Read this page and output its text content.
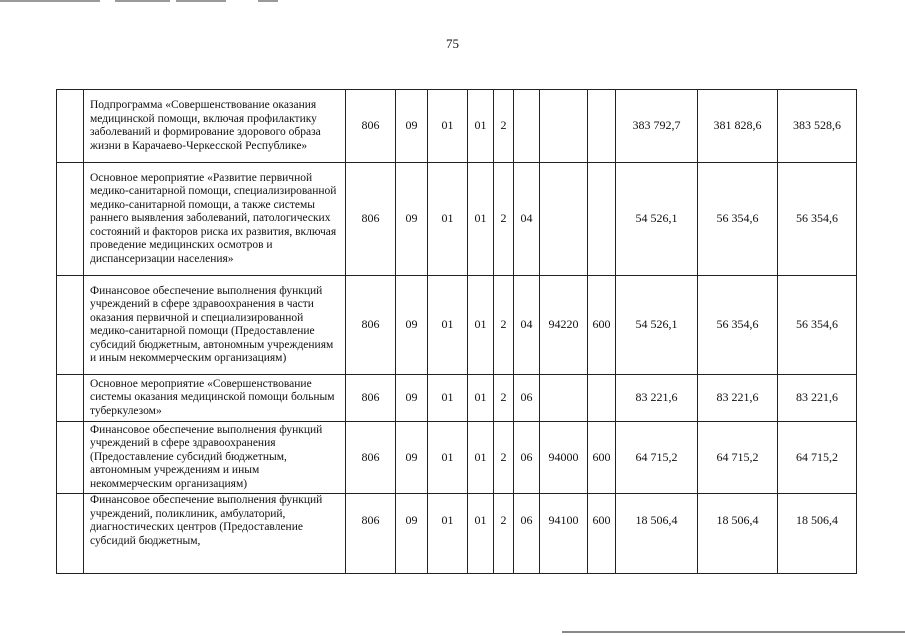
75
	Подпрограмма «Совершенствование оказания медицинской помощи, включая профилактику заболеваний и формирование здорового образа жизни в Карачаево-Черкесской Республике»	806	09	01	01	2				383 792,7	381 828,6	383 528,6
	Основное мероприятие «Развитие первичной медико-санитарной помощи, специализированной медико-санитарной помощи, а также системы раннего выявления заболеваний, патологических состояний и факторов риска их развития, включая проведение медицинских осмотров и диспансеризации населения»	806	09	01	01	2	04			54 526,1	56 354,6	56 354,6
	Финансовое обеспечение выполнения функций учреждений в сфере здравоохранения в части оказания первичной и специализированной медико-санитарной помощи (Предоставление субсидий бюджетным, автономным учреждениям и иным некоммерческим организациям)	806	09	01	01	2	04	94220	600	54 526,1	56 354,6	56 354,6
	Основное мероприятие «Совершенствование системы оказания медицинской помощи больным туберкулезом»	806	09	01	01	2	06			83 221,6	83 221,6	83 221,6
	Финансовое обеспечение выполнения функций учреждений в сфере здравоохранения (Предоставление субсидий бюджетным, автономным учреждениям и иным некоммерческим организациям)	806	09	01	01	2	06	94000	600	64 715,2	64 715,2	64 715,2
	Финансовое обеспечение выполнения функций учреждений, поликлиник, амбулаторий, диагностических центров (Предоставление субсидий бюджетным,	806	09	01	01	2	06	94100	600	18 506,4	18 506,4	18 506,4
